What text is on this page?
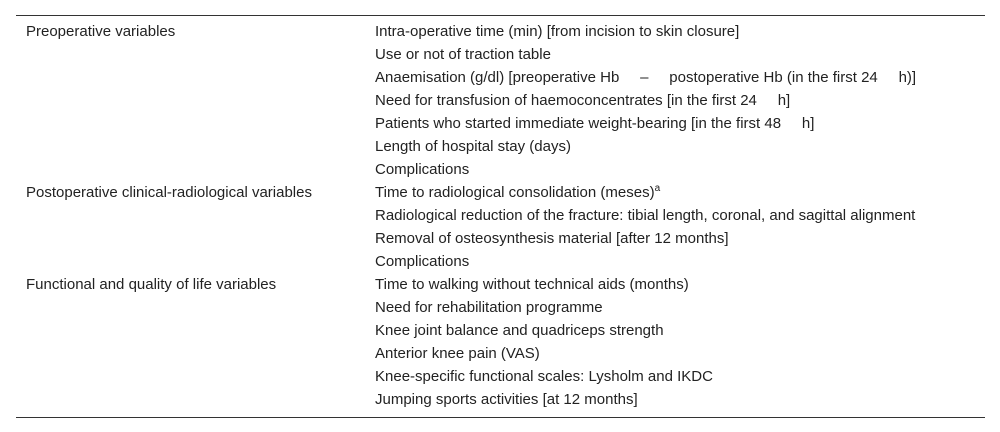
Preoperative variables	Intra-operative time (min) [from incision to skin closure]
Use or not of traction table
Anaemisation (g/dl) [preoperative Hb     –     postoperative Hb (in the first 24     h)]
Need for transfusion of haemoconcentrates [in the first 24     h]
Patients who started immediate weight-bearing [in the first 48     h]
Length of hospital stay (days)
Complications
Postoperative clinical-radiological variables	Time to radiological consolidation (meses)$^a$
Radiological reduction of the fracture: tibial length, coronal, and sagittal alignment
Removal of osteosynthesis material [after 12 months]
Complications
Functional and quality of life variables	Time to walking without technical aids (months)
Need for rehabilitation programme
Knee joint balance and quadriceps strength
Anterior knee pain (VAS)
Knee-specific functional scales: Lysholm and IKDC
Jumping sports activities [at 12 months]
